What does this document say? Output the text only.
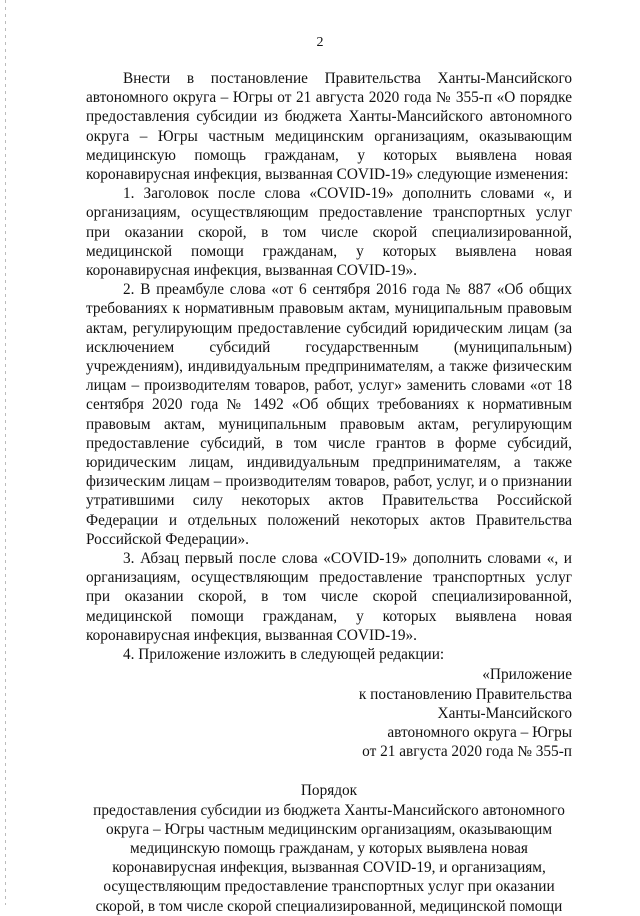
2

Внести в постановление Правительства Ханты-Мансийского автономного округа – Югры от 21 августа 2020 года № 355-п «О порядке предоставления субсидии из бюджета Ханты-Мансийского автономного округа – Югры частным медицинским организациям, оказывающим медицинскую помощь гражданам, у которых выявлена новая коронавирусная инфекция, вызванная COVID-19» следующие изменения:

1. Заголовок после слова «COVID-19» дополнить словами «, и организациям, осуществляющим предоставление транспортных услуг при оказании скорой, в том числе скорой специализированной, медицинской помощи гражданам, у которых выявлена новая коронавирусная инфекция, вызванная COVID-19».

2. В преамбуле слова «от 6 сентября 2016 года № 887 «Об общих требованиях к нормативным правовым актам, муниципальным правовым актам, регулирующим предоставление субсидий юридическим лицам (за исключением субсидий государственным (муниципальным) учреждениям), индивидуальным предпринимателям, а также физическим лицам – производителям товаров, работ, услуг» заменить словами «от 18 сентября 2020 года № 1492 «Об общих требованиях к нормативным правовым актам, муниципальным правовым актам, регулирующим предоставление субсидий, в том числе грантов в форме субсидий, юридическим лицам, индивидуальным предпринимателям, а также физическим лицам – производителям товаров, работ, услуг, и о признании утратившими силу некоторых актов Правительства Российской Федерации и отдельных положений некоторых актов Правительства Российской Федерации».

3. Абзац первый после слова «COVID-19» дополнить словами «, и организациям, осуществляющим предоставление транспортных услуг при оказании скорой, в том числе скорой специализированной, медицинской помощи гражданам, у которых выявлена новая коронавирусная инфекция, вызванная COVID-19».

4. Приложение изложить в следующей редакции:

«Приложение
к постановлению Правительства
Ханты-Мансийского
автономного округа – Югры
от 21 августа 2020 года № 355-п
Порядок
предоставления субсидии из бюджета Ханты-Мансийского автономного
округа – Югры частным медицинским организациям, оказывающим
медицинскую помощь гражданам, у которых выявлена новая
коронавирусная инфекция, вызванная COVID-19, и организациям,
осуществляющим предоставление транспортных услуг при оказании
скорой, в том числе скорой специализированной, медицинской помощи
